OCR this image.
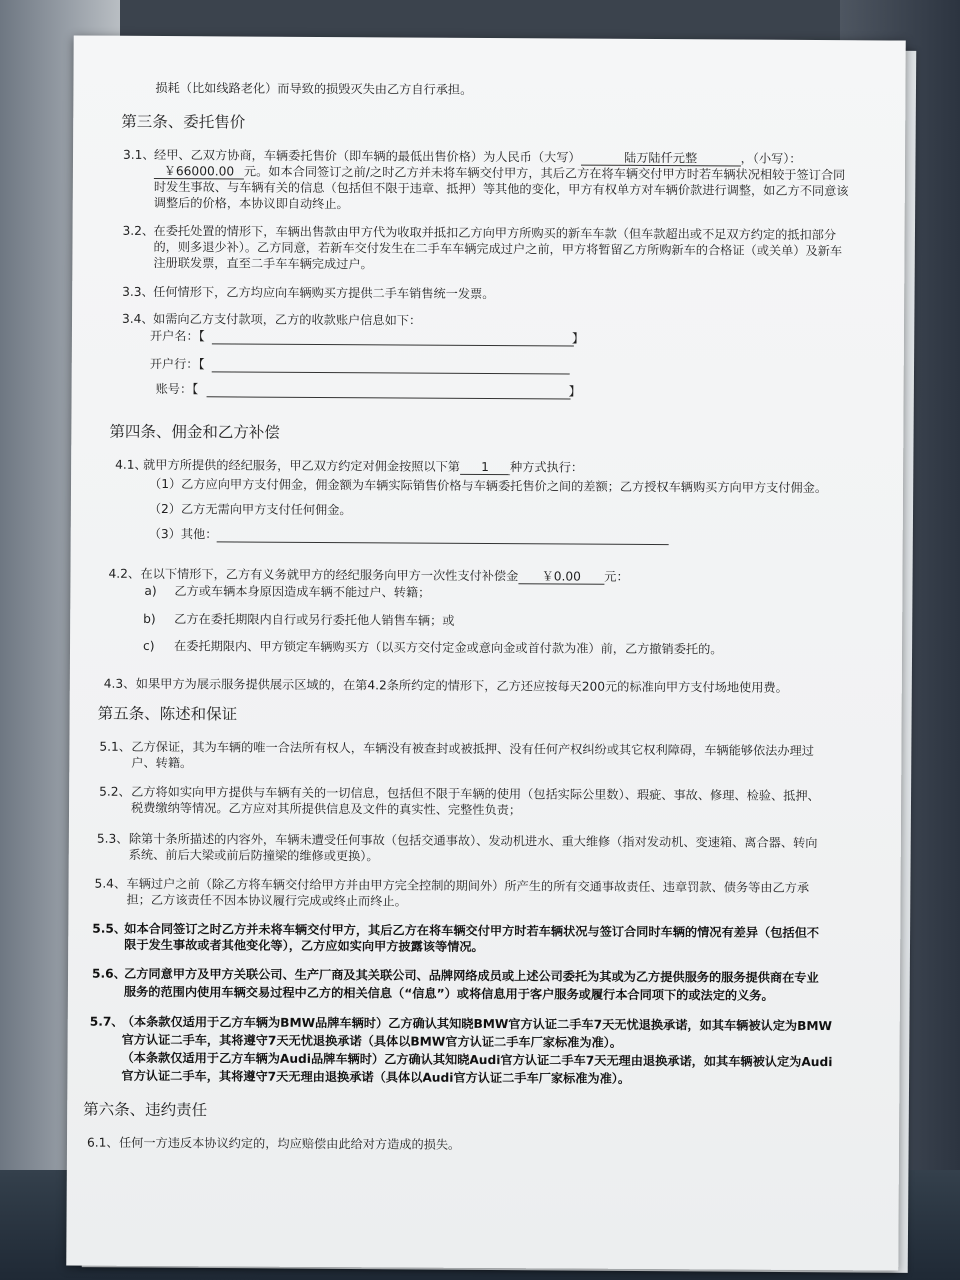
损耗（比如线路老化）而导致的损毁灭失由乙方自行承担。
第三条、委托售价
3.1、 经甲、乙双方协商，车辆委托售价（即车辆的最低出售价格）为人民币（大写）	陆万陆仟元整	，（小写）：
￥66000.00 元。如本合同签订之前/之时乙方并未将车辆交付甲方，其后乙方在将车辆交付甲方时若车辆状况相较于签订合同
时发生事故、与车辆有关的信息（包括但不限于违章、抵押）等其他的变化，甲方有权单方对车辆价款进行调整，如乙方不同意该
调整后的价格，本协议即自动终止。
3.2、 在委托处置的情形下，车辆出售款由甲方代为收取并抵扣乙方向甲方所购买的新车车款（但车款超出或不足双方约定的抵扣部分
的，则多退少补）。乙方同意，若新车交付发生在二手车车辆完成过户之前，甲方将暂留乙方所购新车的合格证（或关单）及新车
注册联发票，直至二手车车辆完成过户。
3.3、 任何情形下，乙方均应向车辆购买方提供二手车销售统一发票。
3.4、 如需向乙方支付款项，乙方的收款账户信息如下：
开户名：【	】
开户行：【
账号：【	】
第四条、佣金和乙方补偿
4.1、
就甲方所提供的经纪服务，甲乙双方约定对佣金按照以下第 1 种方式执行：
（1）乙方应向甲方支付佣金，佣金额为车辆实际销售价格与车辆委托售价之间的差额；乙方授权车辆购买方向甲方支付佣金。
（2）乙方无需向甲方支付任何佣金。
（3）其他：
4.2、 在以下情形下，乙方有义务就甲方的经纪服务向甲方一次性支付补偿金 ￥0.00 元：
a) 乙方或车辆本身原因造成车辆不能过户、转籍；
b) 乙方在委托期限内自行或另行委托他人销售车辆；或
c) 在委托期限内、甲方锁定车辆购买方（以买方交付定金或意向金或首付款为准）前，乙方撤销委托的。
4.3、 如果甲方为展示服务提供展示区域的，在第4.2条所约定的情形下，乙方还应按每天200元的标准向甲方支付场地使用费。
第五条、陈述和保证
5.1、 乙方保证，其为车辆的唯一合法所有权人，车辆没有被查封或被抵押、没有任何产权纠纷或其它权利障碍，车辆能够依法办理过
户、转籍。
5.2、 乙方将如实向甲方提供与车辆有关的一切信息，包括但不限于车辆的使用（包括实际公里数）、瑕疵、事故、修理、检验、抵押、
税费缴纳等情况。乙方应对其所提供信息及文件的真实性、完整性负责；
5.3、 除第十条所描述的内容外，车辆未遭受任何事故（包括交通事故）、发动机进水、重大维修（指对发动机、变速箱、离合器、转向
系统、前后大梁或前后防撞梁的维修或更换）。
5.4、 车辆过户之前（除乙方将车辆交付给甲方并由甲方完全控制的期间外）所产生的所有交通事故责任、违章罚款、债务等由乙方承
担；乙方该责任不因本协议履行完成或终止而终止。
5.5、
如本合同签订之时乙方并未将车辆交付甲方，其后乙方在将车辆交付甲方时若车辆状况与签订合同时车辆的情况有差异（包括但不
限于发生事故或者其他变化等），乙方应如实向甲方披露该等情况。
5.6、
乙方同意甲方及甲方关联公司、生产厂商及其关联公司、品牌网络成员或上述公司委托为其或为乙方提供服务的服务提供商在专业
服务的范围内使用车辆交易过程中乙方的相关信息（“信息”）或将信息用于客户服务或履行本合同项下的或法定的义务。
5.7、
（本条款仅适用于乙方车辆为BMW品牌车辆时）乙方确认其知晓BMW官方认证二手车7天无忧退换承诺，如其车辆被认定为BMW
官方认证二手车，其将遵守7天无忧退换承诺（具体以BMW官方认证二手车厂家标准为准）。
（本条款仅适用于乙方车辆为Audi品牌车辆时）乙方确认其知晓Audi官方认证二手车7天无理由退换承诺，如其车辆被认定为Audi
官方认证二手车，其将遵守7天无理由退换承诺（具体以Audi官方认证二手车厂家标准为准）。
第六条、违约责任
6.1、 任何一方违反本协议约定的，均应赔偿由此给对方造成的损失。
